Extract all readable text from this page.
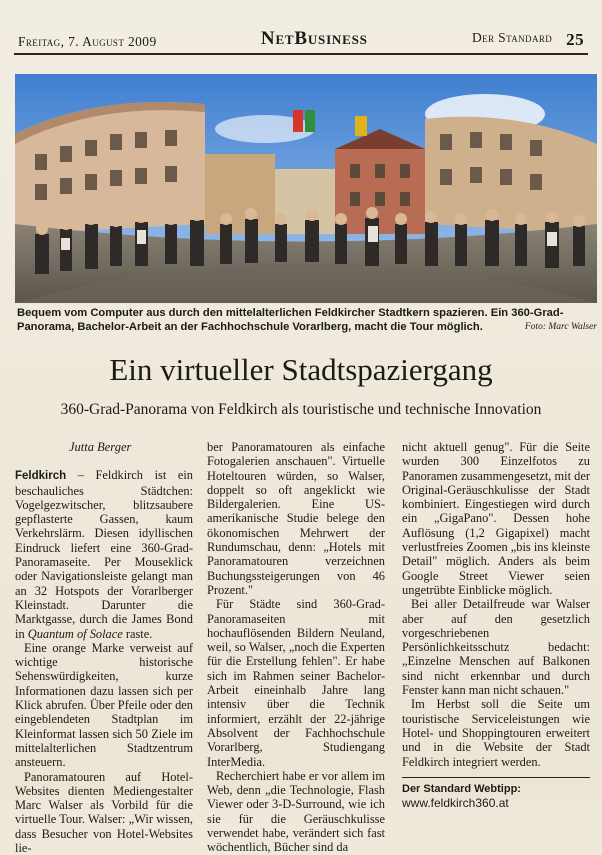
Freitag, 7. August 2009	NetBusiness	Der Standard 25
Bequem vom Computer aus durch den mittelalterlichen Feldkircher Stadtkern spazieren. Ein 360-Grad-Panorama, Bachelor-Arbeit an der Fachhochschule Vorarlberg, macht die Tour möglich.	Foto: Marc Walser
Ein virtueller Stadtspaziergang
360-Grad-Panorama von Feldkirch als touristische und technische Innovation
Jutta Berger

Feldkirch – Feldkirch ist ein beschauliches Städtchen: Vogelgezwitscher, blitzsaubere gepflasterte Gassen, kaum Verkehrslärm. Diesen idyllischen Eindruck liefert eine 360-Grad-Panoramaseite. Per Mouseklick oder Navigationsleiste gelangt man an 32 Hotspots der Vorarlberger Kleinstadt. Darunter die Marktgasse, durch die James Bond in Quantum of Solace raste.

Eine orange Marke verweist auf wichtige historische Sehenswürdigkeiten, kurze Informationen dazu lassen sich per Klick abrufen. Über Pfeile oder den eingeblendeten Stadtplan im Kleinformat lassen sich 50 Ziele im mittelalterlichen Stadtzentrum ansteuern.

Panoramatouren auf Hotel-Websites dienten Mediengestalter Marc Walser als Vorbild für die virtuelle Tour. Walser: „Wir wissen, dass Besucher von Hotel-Websites lie-

ber Panoramatouren als einfache Fotogalerien anschauen". Virtuelle Hoteltouren würden, so Walser, doppelt so oft angeklickt wie Bildergalerien. Eine US-amerikanische Studie belege den ökonomischen Mehrwert der Rundumschau, denn: „Hotels mit Panoramatouren verzeichnen Buchungssteigerungen von 46 Prozent."

Für Städte sind 360-Grad-Panoramaseiten mit hochauflösenden Bildern Neuland, weil, so Walser, „noch die Experten für die Erstellung fehlen". Er habe sich im Rahmen seiner Bachelor-Arbeit eineinhalb Jahre lang intensiv über die Technik informiert, erzählt der 22-jährige Absolvent der Fachhochschule Vorarlberg, Studiengang InterMedia.

Recherchiert habe er vor allem im Web, denn „die Technologie, Flash Viewer oder 3-D-Surround, wie ich sie für die Geräuschkulisse verwendet habe, verändert sich fast wöchentlich, Bücher sind da

nicht aktuell genug". Für die Seite wurden 300 Einzelfotos zu Panoramen zusammengesetzt, mit der Original-Geräuschkulisse der Stadt kombiniert. Eingestiegen wird durch ein „GigaPano". Dessen hohe Auflösung (1,2 Gigapixel) macht verlustfreies Zoomen „bis ins kleinste Detail" möglich. Anders als beim Google Street Viewer seien ungetrübte Einblicke möglich.

Bei aller Detailfreude war Walser aber auf den gesetzlich vorgeschriebenen Persönlichkeitsschutz bedacht: „Einzelne Menschen auf Balkonen sind nicht erkennbar und durch Fenster kann man nicht schauen."

Im Herbst soll die Seite um touristische Serviceleistungen wie Hotel- und Shoppingtouren erweitert und in die Website der Stadt Feldkirch integriert werden.

Der Standard Webtipp:
www.feldkirch360.at
